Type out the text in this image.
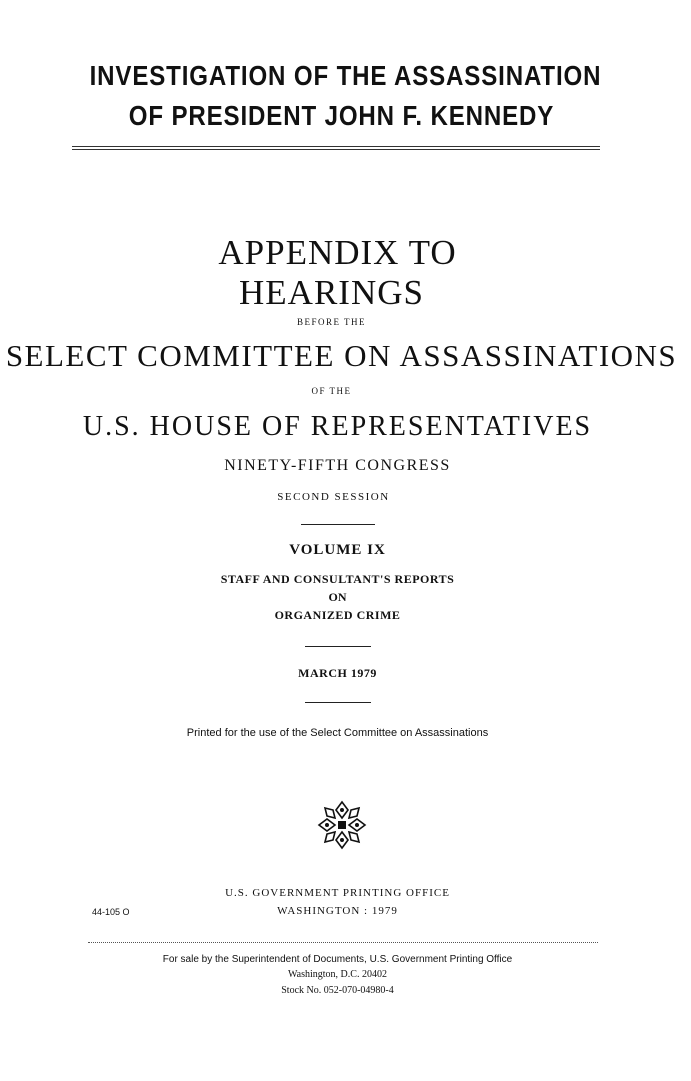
INVESTIGATION OF THE ASSASSINATION
OF PRESIDENT JOHN F. KENNEDY
APPENDIX TO
HEARINGS
BEFORE THE
SELECT COMMITTEE ON ASSASSINATIONS
OF THE
U.S. HOUSE OF REPRESENTATIVES
NINETY-FIFTH CONGRESS
SECOND SESSION
VOLUME IX
STAFF AND CONSULTANT'S REPORTS
ON
ORGANIZED CRIME
MARCH 1979
Printed for the use of the Select Committee on Assassinations
U.S. GOVERNMENT PRINTING OFFICE
44-105 O	WASHINGTON : 1979
For sale by the Superintendent of Documents, U.S. Government Printing Office
Washington, D.C. 20402
Stock No. 052-070-04980-4
